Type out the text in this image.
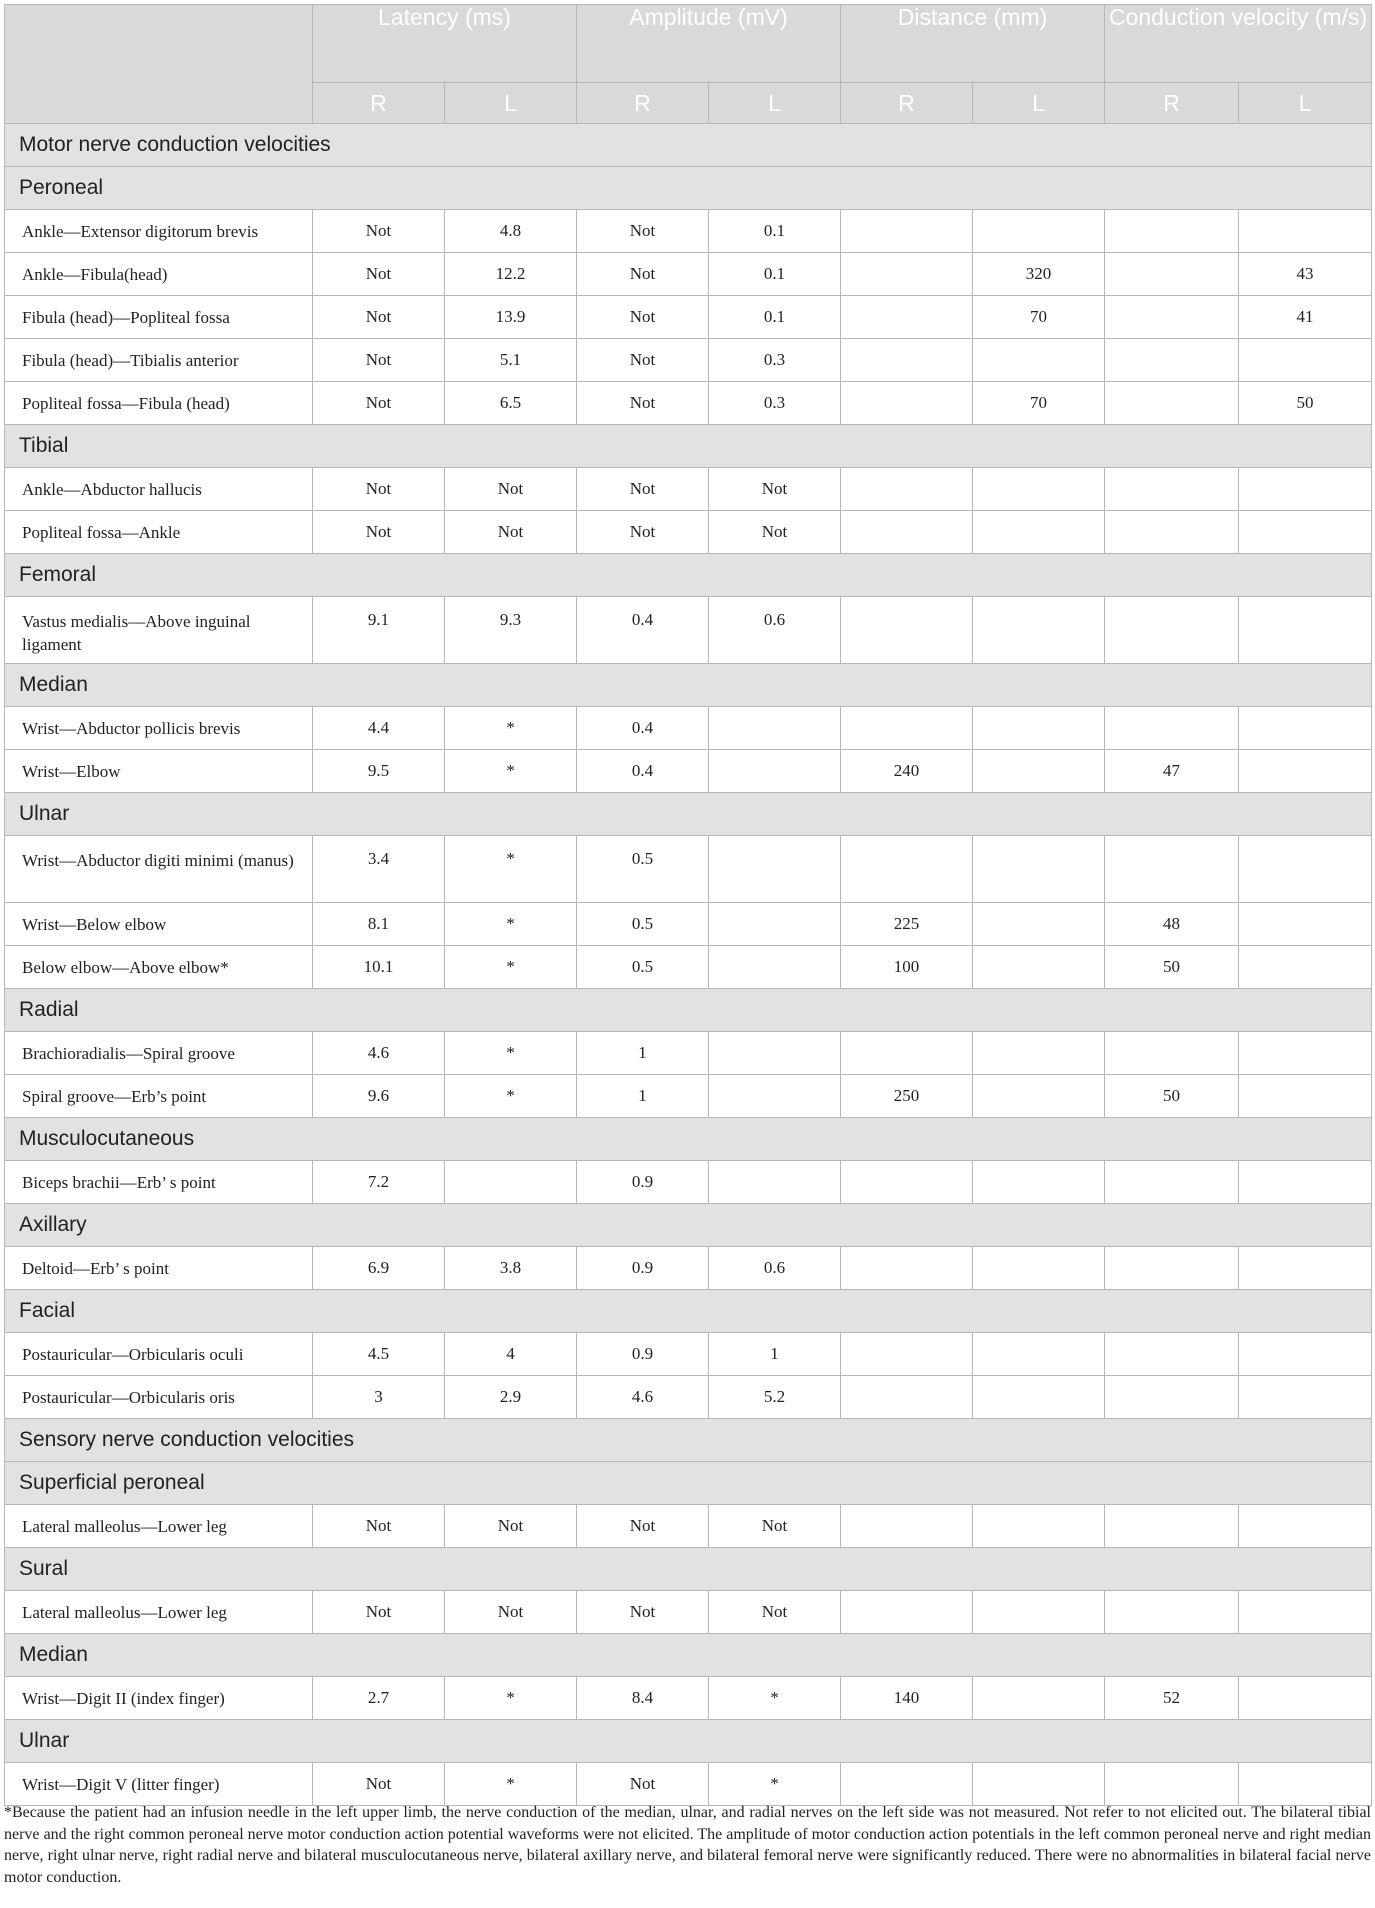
	Latency (ms)		Amplitude (mV)		Distance (mm)		Conduction velocity (m/s)	
	R	L	R	L	R	L	R	L
Motor nerve conduction velocities								
Peroneal								
Ankle—Extensor digitorum brevis	Not	4.8	Not	0.1				
Ankle—Fibula(head)	Not	12.2	Not	0.1		320		43
Fibula (head)—Popliteal fossa	Not	13.9	Not	0.1		70		41
Fibula (head)—Tibialis anterior	Not	5.1	Not	0.3				
Popliteal fossa—Fibula (head)	Not	6.5	Not	0.3		70		50
Tibial								
Ankle—Abductor hallucis	Not	Not	Not	Not				
Popliteal fossa—Ankle	Not	Not	Not	Not				
Femoral								
Vastus medialis—Above inguinal ligament	9.1	9.3	0.4	0.6				
Median								
Wrist—Abductor pollicis brevis	4.4	*	0.4					
Wrist—Elbow	9.5	*	0.4		240		47	
Ulnar								
Wrist—Abductor digiti minimi (manus)	3.4	*	0.5					
Wrist—Below elbow	8.1	*	0.5		225		48	
Below elbow—Above elbow*	10.1	*	0.5		100		50	
Radial								
Brachioradialis—Spiral groove	4.6	*	1					
Spiral groove—Erb’s point	9.6	*	1		250		50	
Musculocutaneous								
Biceps brachii—Erb’ s point	7.2		0.9					
Axillary								
Deltoid—Erb’ s point	6.9	3.8	0.9	0.6				
Facial								
Postauricular—Orbicularis oculi	4.5	4	0.9	1				
Postauricular—Orbicularis oris	3	2.9	4.6	5.2				
Sensory nerve conduction velocities								
Superficial peroneal								
Lateral malleolus—Lower leg	Not	Not	Not	Not				
Sural								
Lateral malleolus—Lower leg	Not	Not	Not	Not				
Median								
Wrist—Digit II (index finger)	2.7	*	8.4	*	140		52	
Ulnar								
Wrist—Digit V (litter finger)	Not	*	Not	*				
*Because the patient had an infusion needle in the left upper limb, the nerve conduction of the median, ulnar, and radial nerves on the left side was not measured. Not refer to not elicited out. The bilateral tibial nerve and the right common peroneal nerve motor conduction action potential waveforms were not elicited. The amplitude of motor conduction action potentials in the left common peroneal nerve and right median nerve, right ulnar nerve, right radial nerve and bilateral musculocutaneous nerve, bilateral axillary nerve, and bilateral femoral nerve were significantly reduced. There were no abnormalities in bilateral facial nerve motor conduction.
